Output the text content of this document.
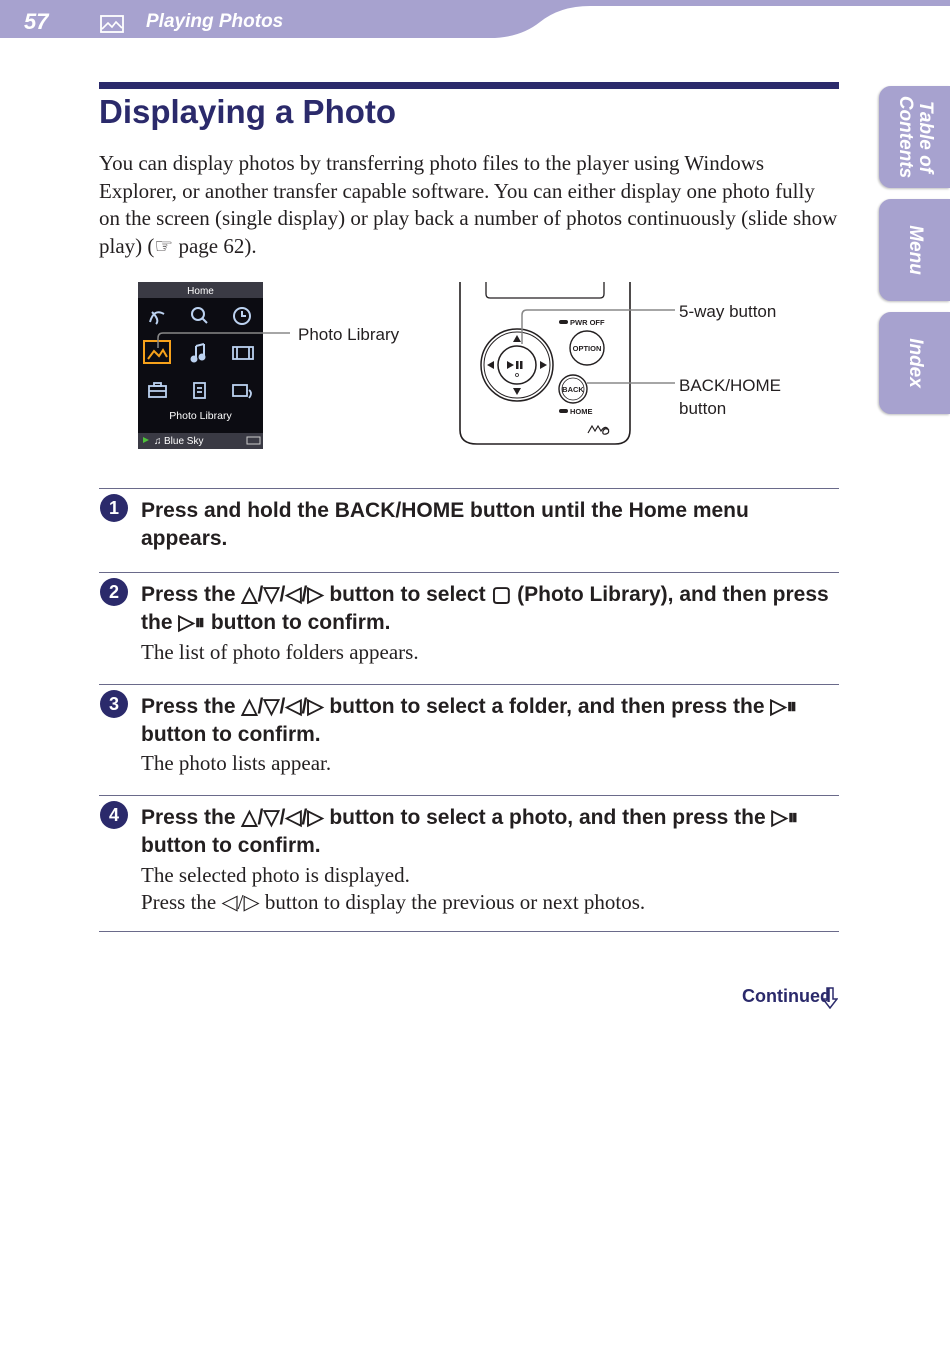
57	Playing Photos
Table of Contents
Menu
Index
Displaying a Photo

You can display photos by transferring photo files to the player using Windows Explorer, or another transfer capable software. You can either display one photo fully on the screen (single display) or play back a number of photos continuously (slide show play) (☞ page 62).

Home
Photo Library
♫ Blue Sky
Photo Library
PWR OFF
OPTION
BACK
HOME
5-way button
BACK/HOME
button
1	Press and hold the BACK/HOME button until the Home menu appears.

2	Press the △/▽/◁/▷ button to select ▢ (Photo Library), and then press the ▷⏸ button to confirm.

The list of photo folders appears.

3	Press the △/▽/◁/▷ button to select a folder, and then press the ▷⏸ button to confirm.

The photo lists appear.

4	Press the △/▽/◁/▷ button to select a photo, and then press the ▷⏸ button to confirm.

The selected photo is displayed.

Press the ◁/▷ button to display the previous or next photos.

Continued
